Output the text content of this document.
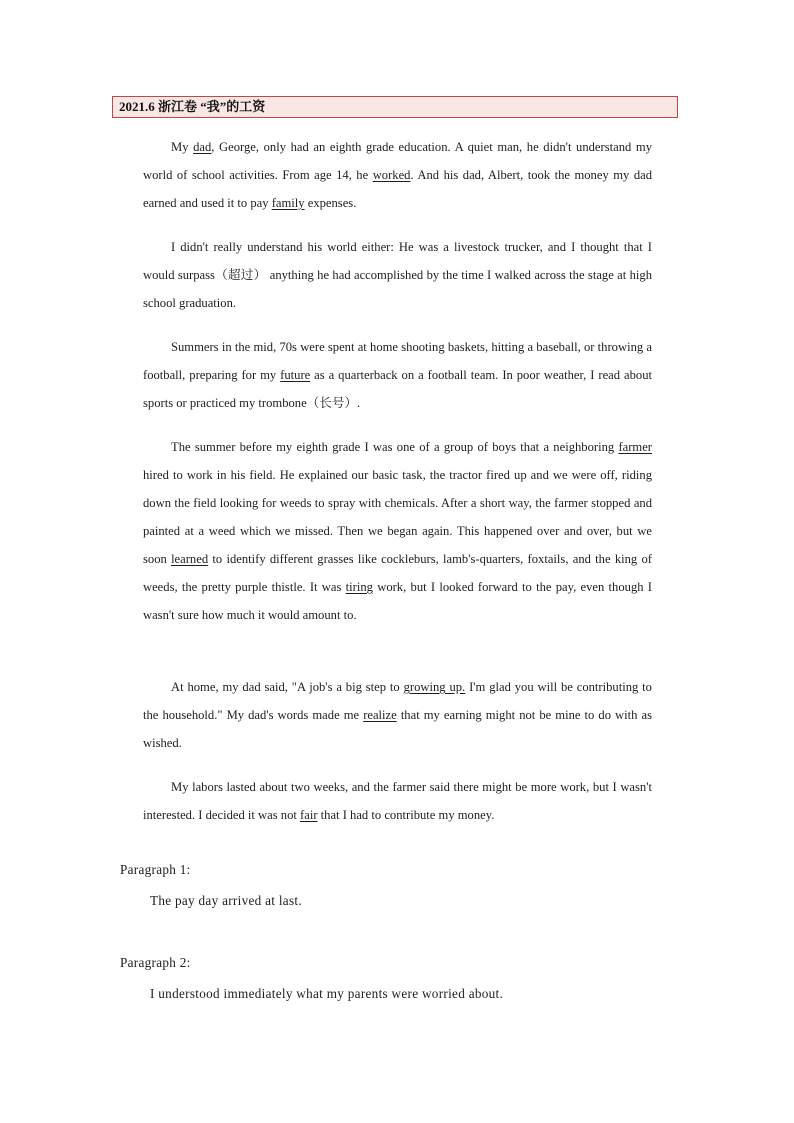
2021.6 浙江卷 “我”的工资

My dad, George, only had an eighth grade education. A quiet man, he didn't understand my world of school activities. From age 14, he worked. And his dad, Albert, took the money my dad earned and used it to pay family expenses.

I didn't really understand his world either: He was a livestock trucker, and I thought that I would surpass（超过） anything he had accomplished by the time I walked across the stage at high school graduation.

Summers in the mid, 70s were spent at home shooting baskets, hitting a baseball, or throwing a football, preparing for my future as a quarterback on a football team. In poor weather, I read about sports or practiced my trombone（长号）.

The summer before my eighth grade I was one of a group of boys that a neighboring farmer hired to work in his field. He explained our basic task, the tractor fired up and we were off, riding down the field looking for weeds to spray with chemicals. After a short way, the farmer stopped and painted at a weed which we missed. Then we began again. This happened over and over, but we soon learned to identify different grasses like cockleburs, lamb's-quarters, foxtails, and the king of weeds, the pretty purple thistle. It was tiring work, but I looked forward to the pay, even though I wasn't sure how much it would amount to.

At home, my dad said, "A job's a big step to growing up. I'm glad you will be contributing to the household." My dad's words made me realize that my earning might not be mine to do with as wished.

My labors lasted about two weeks, and the farmer said there might be more work, but I wasn't interested. I decided it was not fair that I had to contribute my money.

Paragraph 1:
The pay day arrived at last.
Paragraph 2:
I understood immediately what my parents were worried about.
